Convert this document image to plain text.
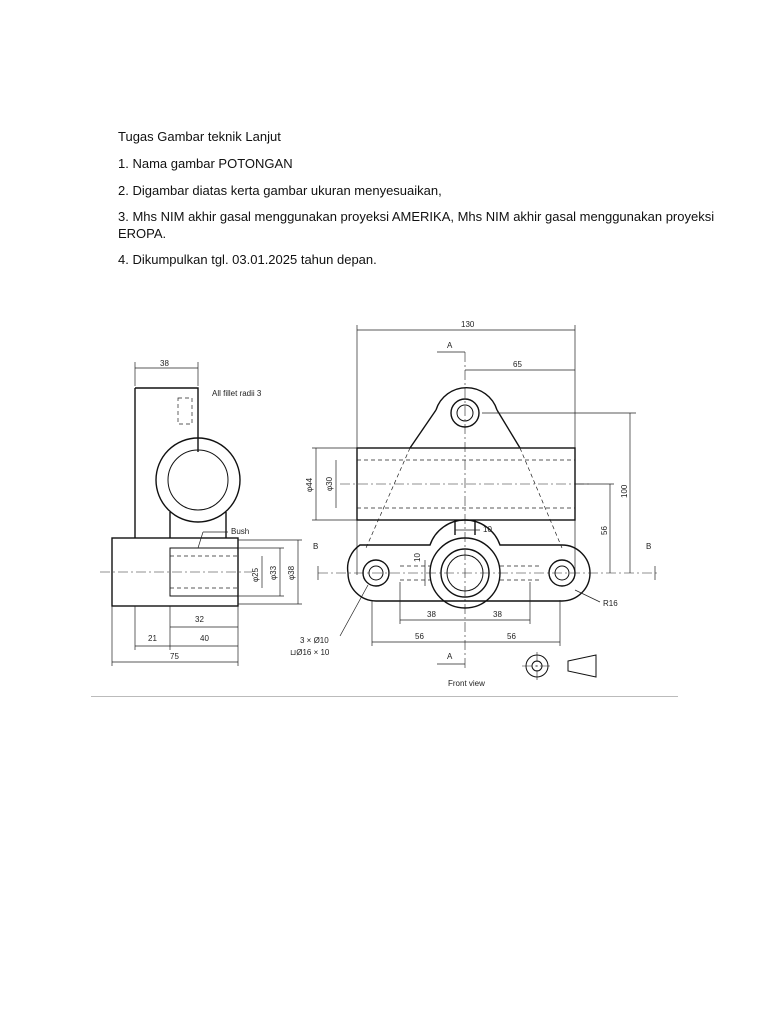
Tugas Gambar teknik Lanjut

1. Nama gambar POTONGAN

2. Digambar diatas kerta gambar ukuran menyesuaikan,

3. Mhs NIM akhir gasal menggunakan proyeksi AMERIKA, Mhs NIM akhir gasal menggunakan proyeksi

EROPA.

4. Dikumpulkan tgl. 03.01.2025 tahun depan.

38
All fillet radii 3
Bush
32
21	40
75
φ25 φ33 φ38
B
130
A
65
φ44 φ30
10
B
10
100
56
R16
38	38
56	56
3 × Ø10
⊔Ø16 × 10	A
Front view
